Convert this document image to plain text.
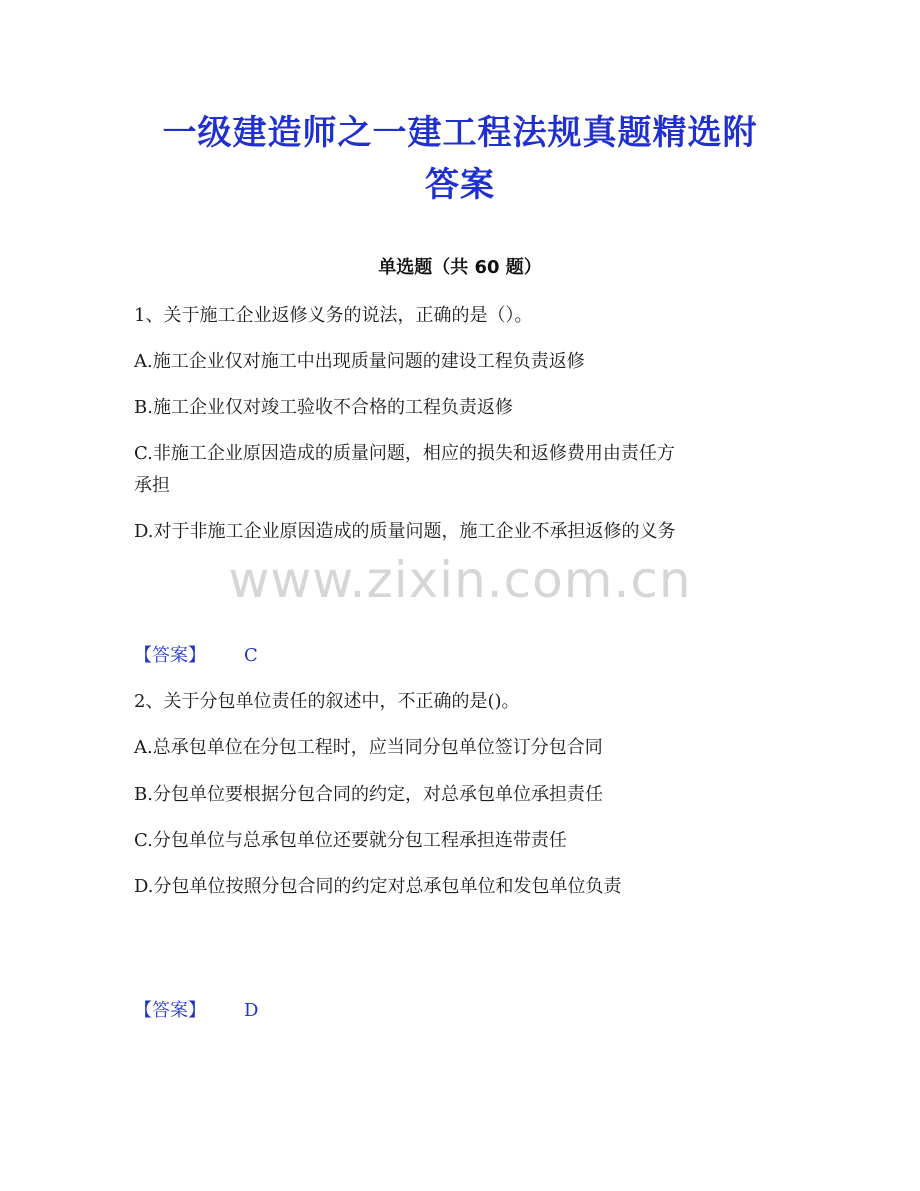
一级建造师之一建工程法规真题精选附
答案
单选题（共 60 题）
1、关于施工企业返修义务的说法，正确的是（）。
A.施工企业仅对施工中出现质量问题的建设工程负责返修
B.施工企业仅对竣工验收不合格的工程负责返修
C.非施工企业原因造成的质量问题，相应的损失和返修费用由责任方
承担
D.对于非施工企业原因造成的质量问题，施工企业不承担返修的义务
www.zixin.com.cn
【答案】 C
2、关于分包单位责任的叙述中，不正确的是()。
A.总承包单位在分包工程时，应当同分包单位签订分包合同
B.分包单位要根据分包合同的约定，对总承包单位承担责任
C.分包单位与总承包单位还要就分包工程承担连带责任
D.分包单位按照分包合同的约定对总承包单位和发包单位负责
【答案】 D
